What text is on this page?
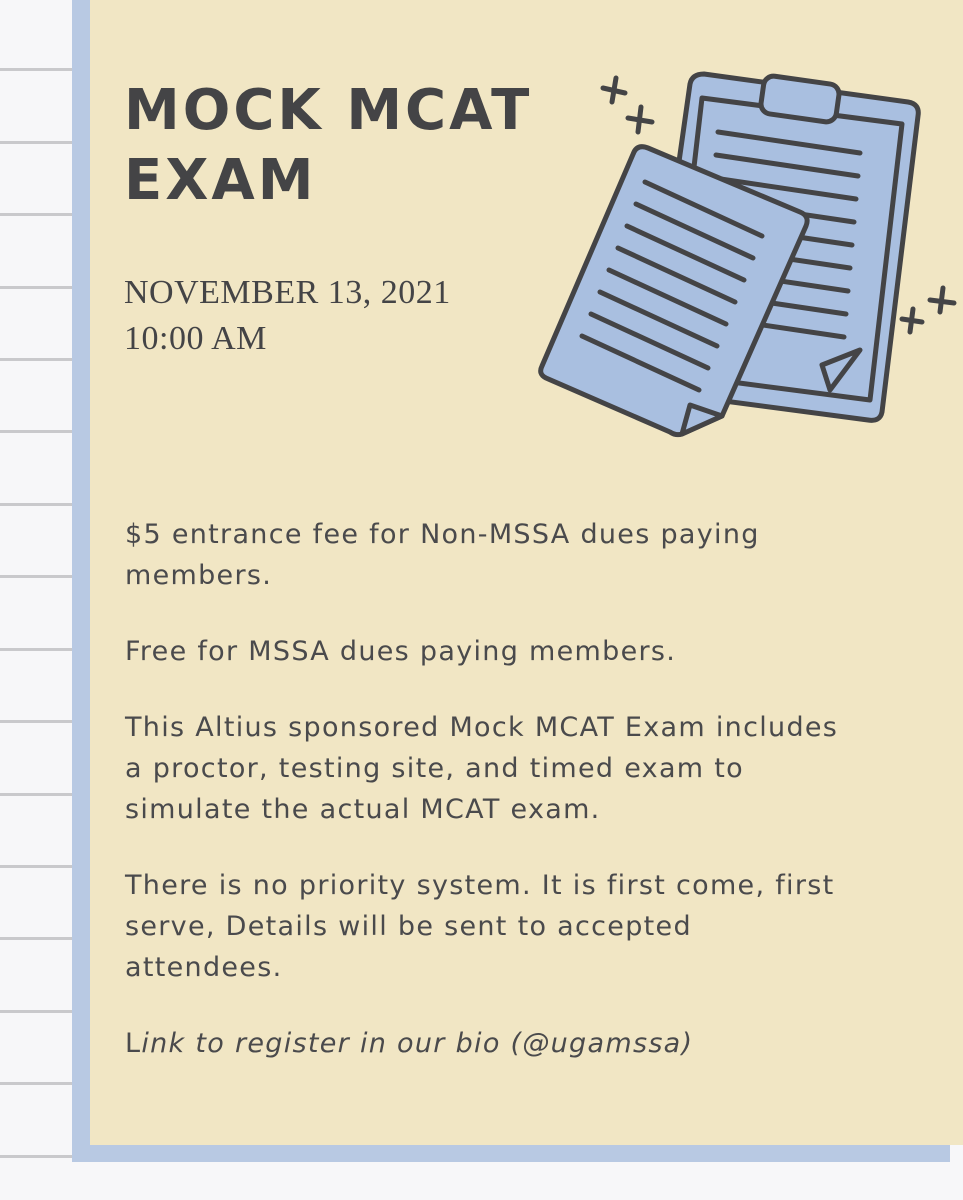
MOCK MCAT
EXAM
NOVEMBER 13, 2021
10:00 AM

$5 entrance fee for Non-MSSA dues paying members.

Free for MSSA dues paying members.

This Altius sponsored Mock MCAT Exam includes a proctor, testing site, and timed exam to simulate the actual MCAT exam.

There is no priority system. It is first come, first serve, Details will be sent to accepted attendees.

Link to register in our bio (@ugamssa)
